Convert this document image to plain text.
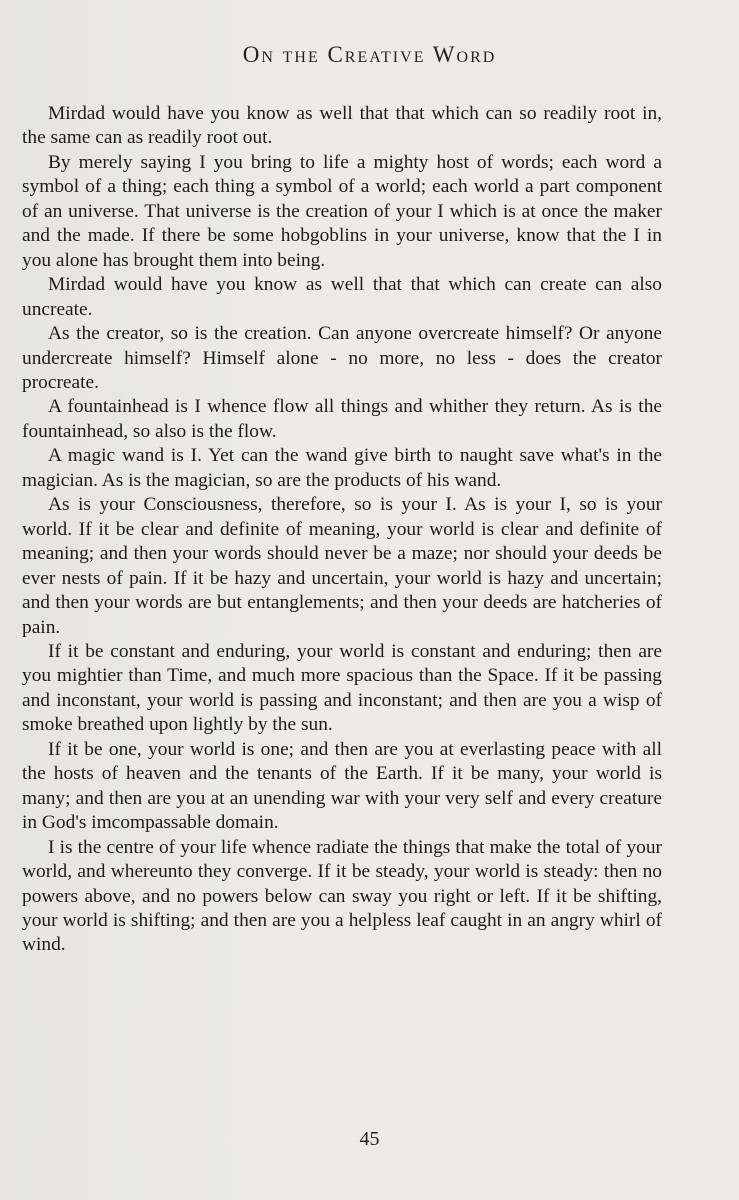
On the Creative Word

Mirdad would have you know as well that that which can so readily root in, the same can as readily root out.

By merely saying I you bring to life a mighty host of words; each word a symbol of a thing; each thing a symbol of a world; each world a part component of an universe. That universe is the creation of your I which is at once the maker and the made. If there be some hobgoblins in your universe, know that the I in you alone has brought them into being.

Mirdad would have you know as well that that which can create can also uncreate.

As the creator, so is the creation. Can anyone overcreate himself? Or anyone undercreate himself? Himself alone - no more, no less - does the creator procreate.

A fountainhead is I whence flow all things and whither they return. As is the fountainhead, so also is the flow.

A magic wand is I. Yet can the wand give birth to naught save what's in the magician. As is the magician, so are the products of his wand.

As is your Consciousness, therefore, so is your I. As is your I, so is your world. If it be clear and definite of meaning, your world is clear and definite of meaning; and then your words should never be a maze; nor should your deeds be ever nests of pain. If it be hazy and uncertain, your world is hazy and uncertain; and then your words are but entanglements; and then your deeds are hatcheries of pain.

If it be constant and enduring, your world is constant and enduring; then are you mightier than Time, and much more spacious than the Space. If it be passing and inconstant, your world is passing and inconstant; and then are you a wisp of smoke breathed upon lightly by the sun.

If it be one, your world is one; and then are you at everlasting peace with all the hosts of heaven and the tenants of the Earth. If it be many, your world is many; and then are you at an unending war with your very self and every creature in God's imcompassable domain.

I is the centre of your life whence radiate the things that make the total of your world, and whereunto they converge. If it be steady, your world is steady: then no powers above, and no powers below can sway you right or left. If it be shifting, your world is shifting; and then are you a helpless leaf caught in an angry whirl of wind.

45
